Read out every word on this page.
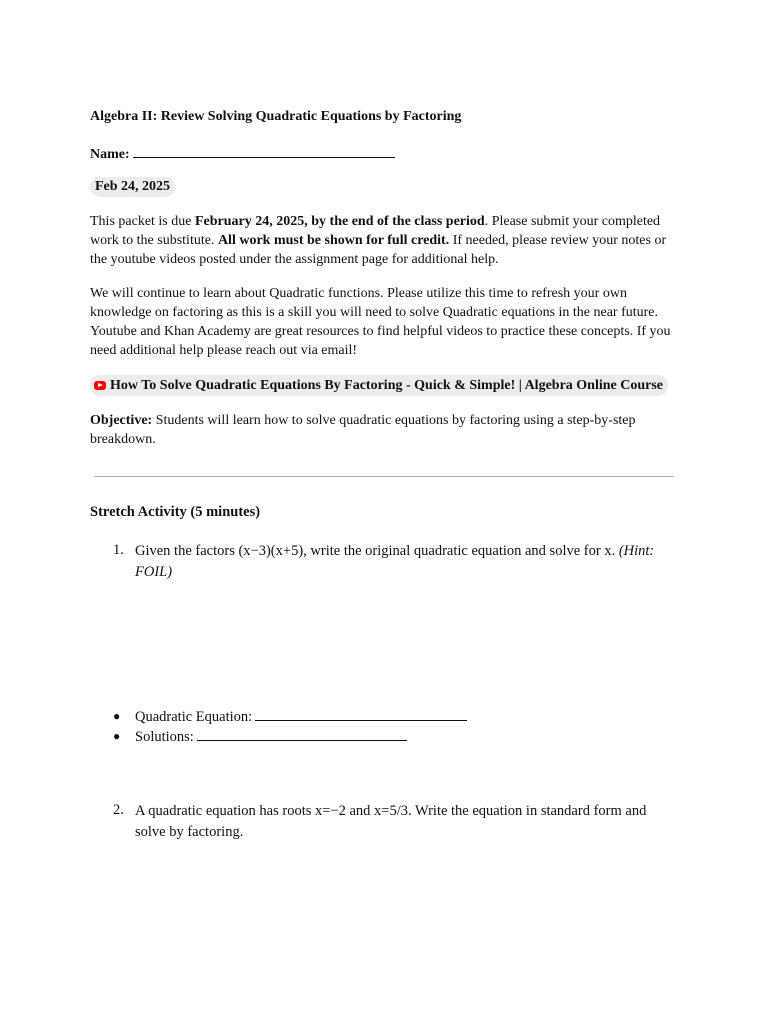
Algebra II: Review Solving Quadratic Equations by Factoring
Name:
Feb 24, 2025
This packet is due February 24, 2025, by the end of the class period. Please submit your completed work to the substitute. All work must be shown for full credit. If needed, please review your notes or the youtube videos posted under the assignment page for additional help.
We will continue to learn about Quadratic functions. Please utilize this time to refresh your own knowledge on factoring as this is a skill you will need to solve Quadratic equations in the near future. Youtube and Khan Academy are great resources to find helpful videos to practice these concepts. If you need additional help please reach out via email!
How To Solve Quadratic Equations By Factoring - Quick & Simple! | Algebra Online Course
Objective: Students will learn how to solve quadratic equations by factoring using a step-by-step breakdown.
Stretch Activity (5 minutes)
1. Given the factors (x−3)(x+5), write the original quadratic equation and solve for x. (Hint: FOIL)
● Quadratic Equation:
● Solutions:
2. A quadratic equation has roots x=−2 and x=5/3. Write the equation in standard form and solve by factoring.
